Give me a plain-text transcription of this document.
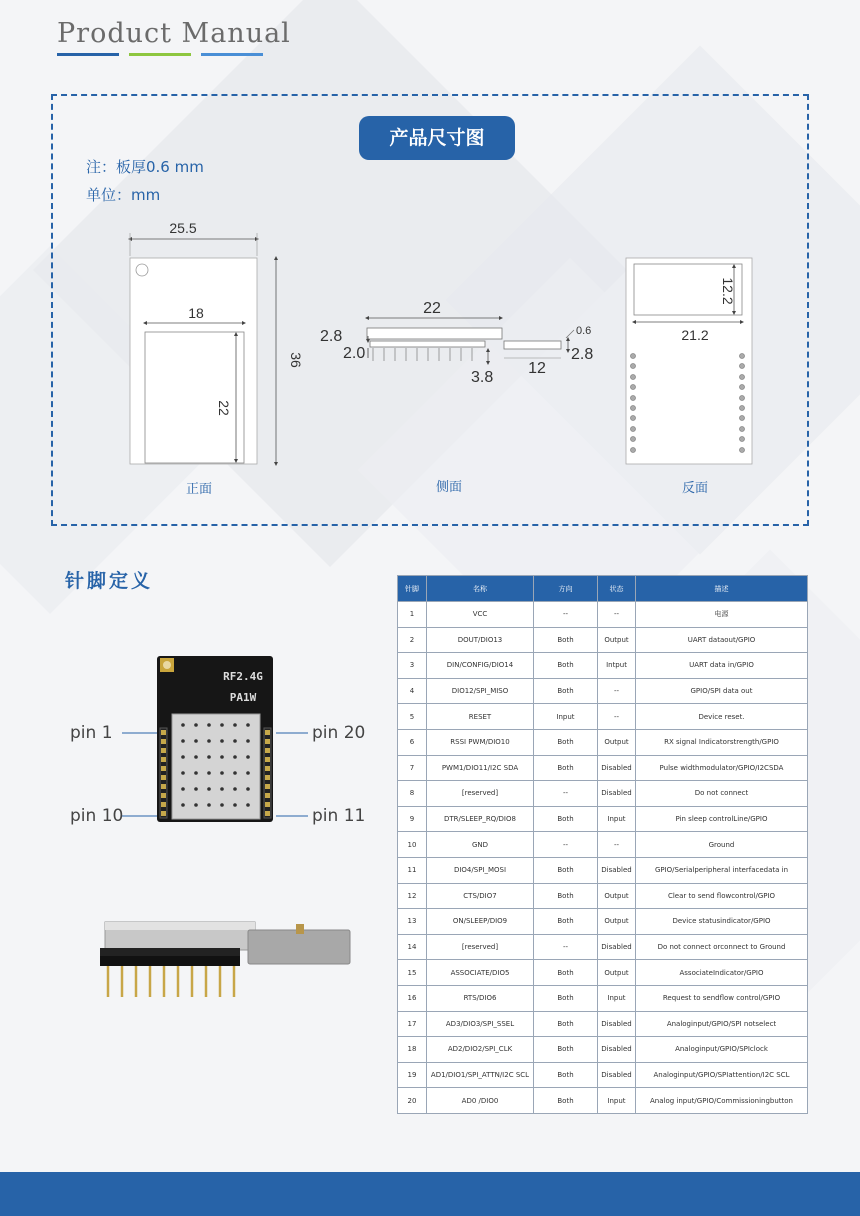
Product Manual
产品尺寸图
注：板厚0.6 mm
单位：mm
25.5
18
36
22
22
2.8
2.0
3.8
0.6
2.8
12
12.2
21.2
正面	侧面	反面
针脚定义
RF2.4G
PA1W
pin 1
pin 10
pin 20
pin 11
针脚	名称	方向	状态	描述
1	VCC	--	--	电源
2	DOUT/DIO13	Both	Output	UART dataout/GPIO
3	DIN/CONFIG/DIO14	Both	Intput	UART data in/GPIO
4	DIO12/SPI_MISO	Both	--	GPIO/SPI data out
5	RESET	Input	--	Device reset.
6	RSSI PWM/DIO10	Both	Output	RX signal Indicatorstrength/GPIO
7	PWM1/DIO11/I2C SDA	Both	Disabled	Pulse widthmodulator/GPIO/I2CSDA
8	[reserved]	--	Disabled	Do not connect
9	DTR/SLEEP_RQ/DIO8	Both	Input	Pin sleep controlLine/GPIO
10	GND	--	--	Ground
11	DIO4/SPI_MOSI	Both	Disabled	GPIO/Serialperipheral interfacedata in
12	CTS/DIO7	Both	Output	Clear to send flowcontrol/GPIO
13	ON/SLEEP/DIO9	Both	Output	Device statusindicator/GPIO
14	[reserved]	--	Disabled	Do not connect orconnect to Ground
15	ASSOCIATE/DIO5	Both	Output	AssociateIndicator/GPIO
16	RTS/DIO6	Both	Input	Request to sendflow control/GPIO
17	AD3/DIO3/SPI_SSEL	Both	Disabled	Analoginput/GPIO/SPI notselect
18	AD2/DIO2/SPI_CLK	Both	Disabled	Analoginput/GPIO/SPIclock
19	AD1/DIO1/SPI_ATTN/I2C SCL	Both	Disabled	Analoginput/GPIO/SPIattention/I2C SCL
20	AD0 /DIO0	Both	Input	Analog input/GPIO/Commissioningbutton
